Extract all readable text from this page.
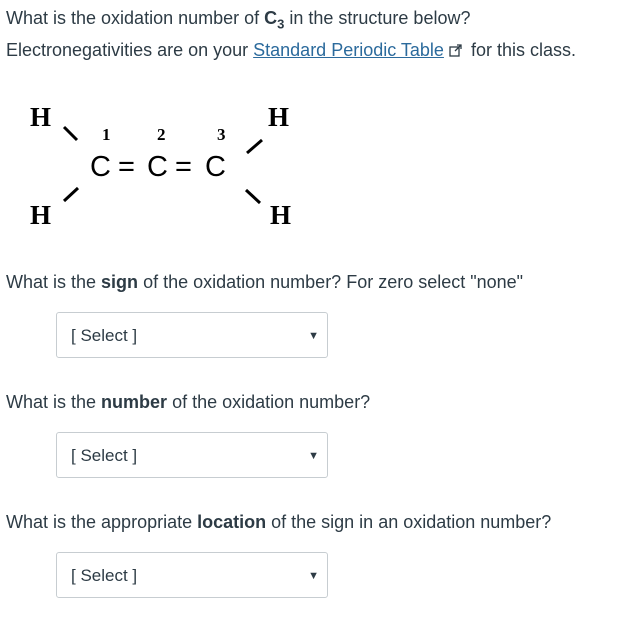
What is the oxidation number of $C_3$ in the structure below?
Electronegativities are on your Standard Periodic Table for this class.
H
H
H
H
1	2	3
C = C = C
What is the sign of the oxidation number? For zero select "none"
[ Select ]	▼
What is the number of the oxidation number?
[ Select ]	▼
What is the appropriate location of the sign in an oxidation number?
[ Select ]	▼
